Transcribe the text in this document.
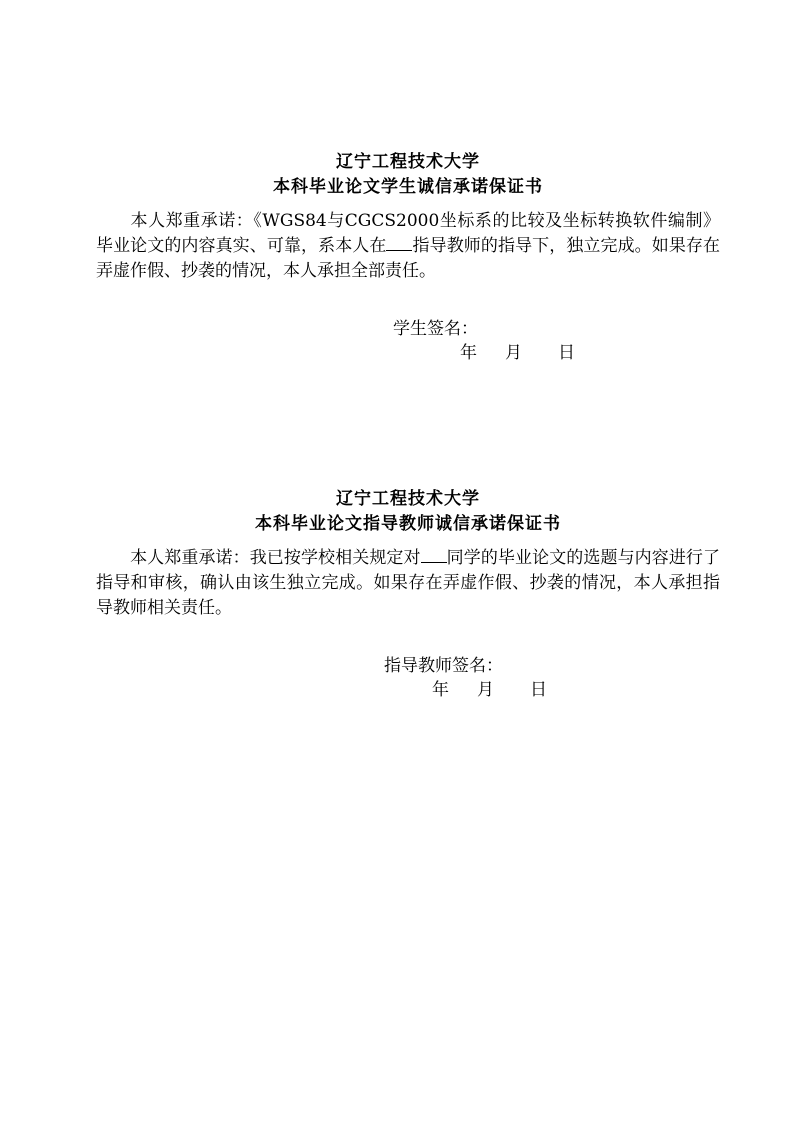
辽宁工程技术大学
本科毕业论文学生诚信承诺保证书
本人郑重承诺：《WGS84与CGCS2000坐标系的比较及坐标转换软件编制》毕业论文的内容真实、可靠，系本人在 指导教师的指导下，独立完成。如果存在弄虚作假、抄袭的情况，本人承担全部责任。
学生签名：
年 月 日
辽宁工程技术大学
本科毕业论文指导教师诚信承诺保证书
本人郑重承诺：我已按学校相关规定对 同学的毕业论文的选题与内容进行了指导和审核，确认由该生独立完成。如果存在弄虚作假、抄袭的情况，本人承担指导教师相关责任。
指导教师签名：
年 月 日
